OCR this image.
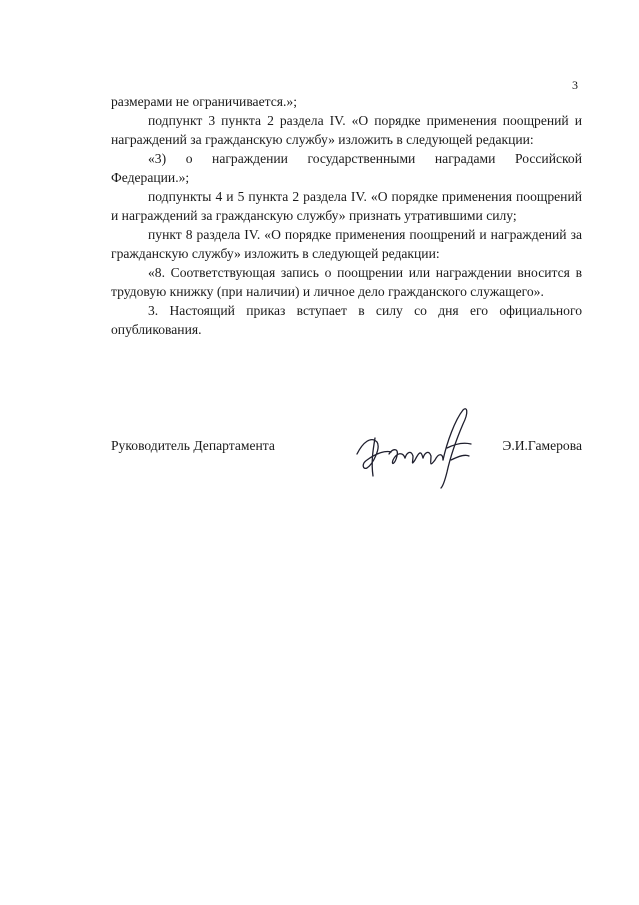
3

размерами не ограничивается.»;

подпункт 3 пункта 2 раздела IV. «О порядке применения поощрений и награждений за гражданскую службу» изложить в следующей редакции:

«3) о награждении государственными наградами Российской Федерации.»;

подпункты 4 и 5 пункта 2 раздела IV. «О порядке применения поощрений и награждений за гражданскую службу» признать утратившими силу;

пункт 8 раздела IV. «О порядке применения поощрений и награждений за гражданскую службу» изложить в следующей редакции:

«8. Соответствующая запись о поощрении или награждении вносится в трудовую книжку (при наличии) и личное дело гражданского служащего».

3. Настоящий приказ вступает в силу со дня его официального опубликования.

Руководитель Департамента	Э.И.Гамерова
